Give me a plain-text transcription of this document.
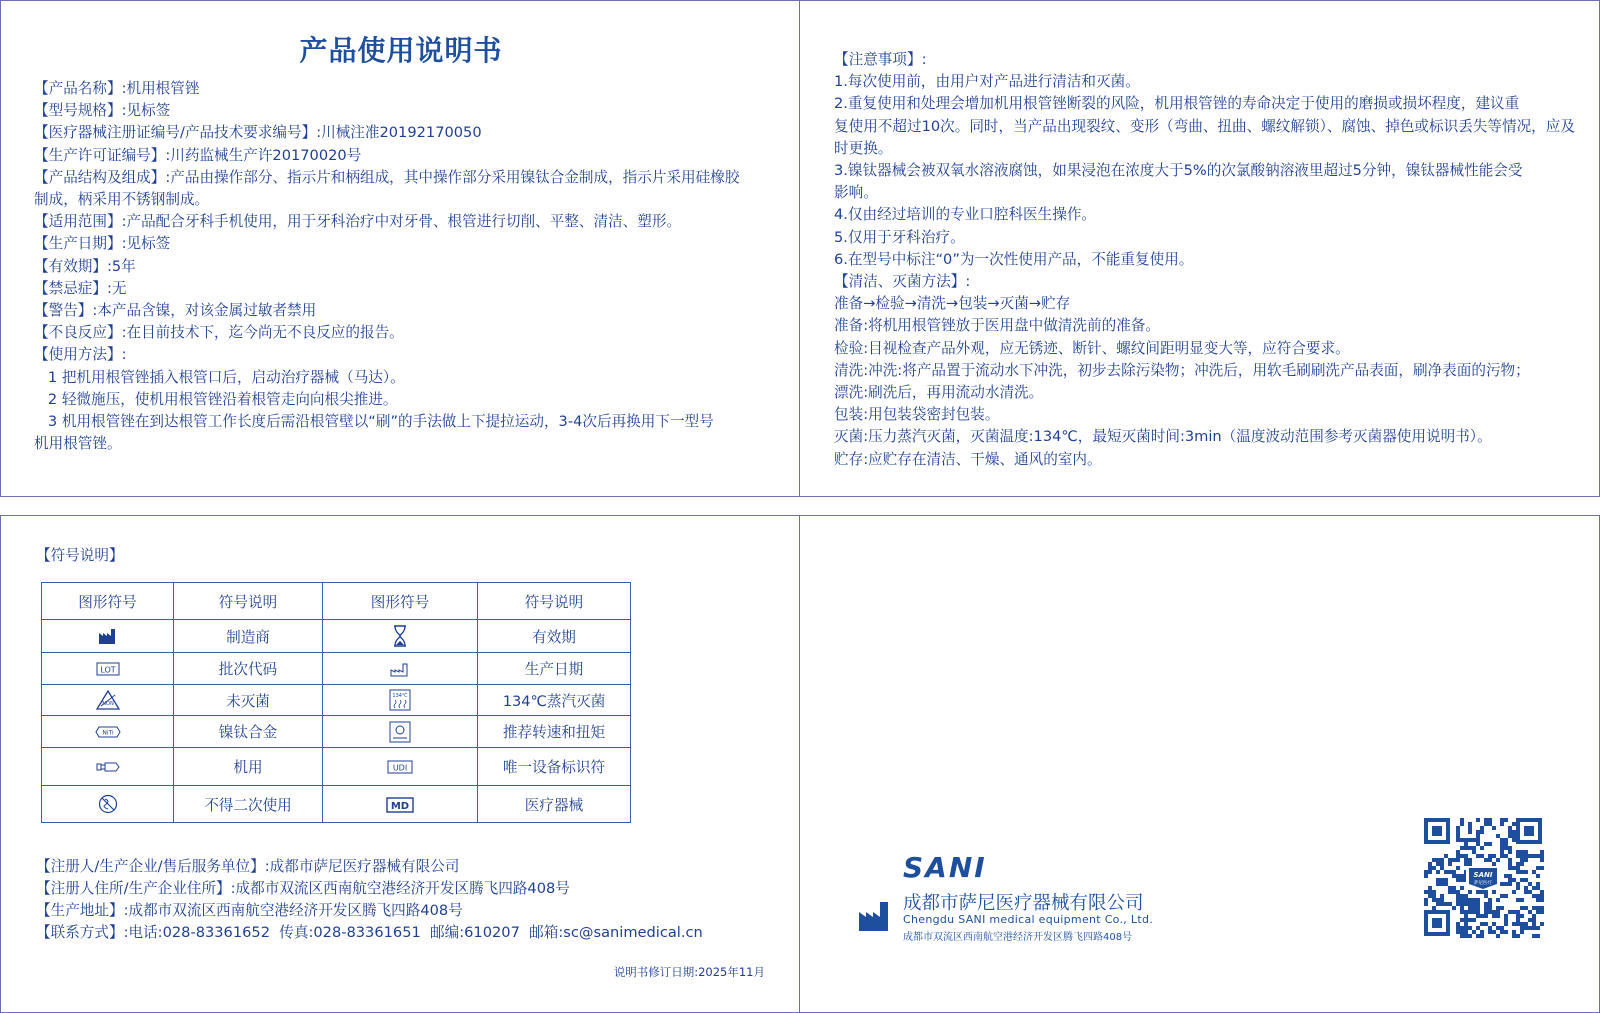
产品使用说明书
【产品名称】:机用根管锉
【型号规格】:见标签
【医疗器械注册证编号/产品技术要求编号】:川械注准20192170050
【生产许可证编号】:川药监械生产许20170020号
【产品结构及组成】:产品由操作部分、指示片和柄组成，其中操作部分采用镍钛合金制成，指示片采用硅橡胶
制成，柄采用不锈钢制成。
【适用范围】:产品配合牙科手机使用，用于牙科治疗中对牙骨、根管进行切削、平整、清洁、塑形。
【生产日期】:见标签
【有效期】:5年
【禁忌症】:无
【警告】:本产品含镍，对该金属过敏者禁用
【不良反应】:在目前技术下，迄今尚无不良反应的报告。
【使用方法】:
1 把机用根管锉插入根管口后，启动治疗器械（马达）。
2 轻微施压，使机用根管锉沿着根管走向向根尖推进。
3 机用根管锉在到达根管工作长度后需沿根管壁以“刷”的手法做上下提拉运动，3-4次后再换用下一型号
机用根管锉。
【注意事项】:
1.每次使用前，由用户对产品进行清洁和灭菌。
2.重复使用和处理会增加机用根管锉断裂的风险，机用根管锉的寿命决定于使用的磨损或损坏程度，建议重
复使用不超过10次。同时，当产品出现裂纹、变形（弯曲、扭曲、螺纹解锁）、腐蚀、掉色或标识丢失等情况，应及
时更换。
3.镍钛器械会被双氧水溶液腐蚀，如果浸泡在浓度大于5%的次氯酸钠溶液里超过5分钟，镍钛器械性能会受
影响。
4.仅由经过培训的专业口腔科医生操作。
5.仅用于牙科治疗。
6.在型号中标注“0”为一次性使用产品，不能重复使用。
【清洁、灭菌方法】:
准备→检验→清洗→包装→灭菌→贮存
准备:将机用根管锉放于医用盘中做清洗前的准备。
检验:目视检查产品外观，应无锈迹、断针、螺纹间距明显变大等，应符合要求。
清洗:冲洗:将产品置于流动水下冲洗，初步去除污染物；冲洗后，用软毛刷刷洗产品表面，刷净表面的污物；
漂洗:刷洗后，再用流动水清洗。
包装:用包装袋密封包装。
灭菌:压力蒸汽灭菌，灭菌温度:134℃，最短灭菌时间:3min（温度波动范围参考灭菌器使用说明书）。
贮存:应贮存在清洁、干燥、通风的室内。
【符号说明】
图形符号	符号说明	图形符号	符号说明
	制造商		有效期

LOT	批次代码		生产日期

NON	未灭菌	134℃	134℃蒸汽灭菌

NiTi	镍钛合金		推荐转速和扭矩
	机用	UDI	唯一设备标识符
	不得二次使用	MD	医疗器械
【注册人/生产企业/售后服务单位】:成都市萨尼医疗器械有限公司
【注册人住所/生产企业住所】:成都市双流区西南航空港经济开发区腾飞四路408号
【生产地址】:成都市双流区西南航空港经济开发区腾飞四路408号
【联系方式】:电话:028-83361652  传真:028-83361651  邮编:610207  邮箱:sc@sanimedical.cn
说明书修订日期:2025年11月
SANI
成都市萨尼医疗器械有限公司
Chengdu SANI medical equipment Co., Ltd.
成都市双流区西南航空港经济开发区腾飞四路408号
SANI
萨尼医疗
